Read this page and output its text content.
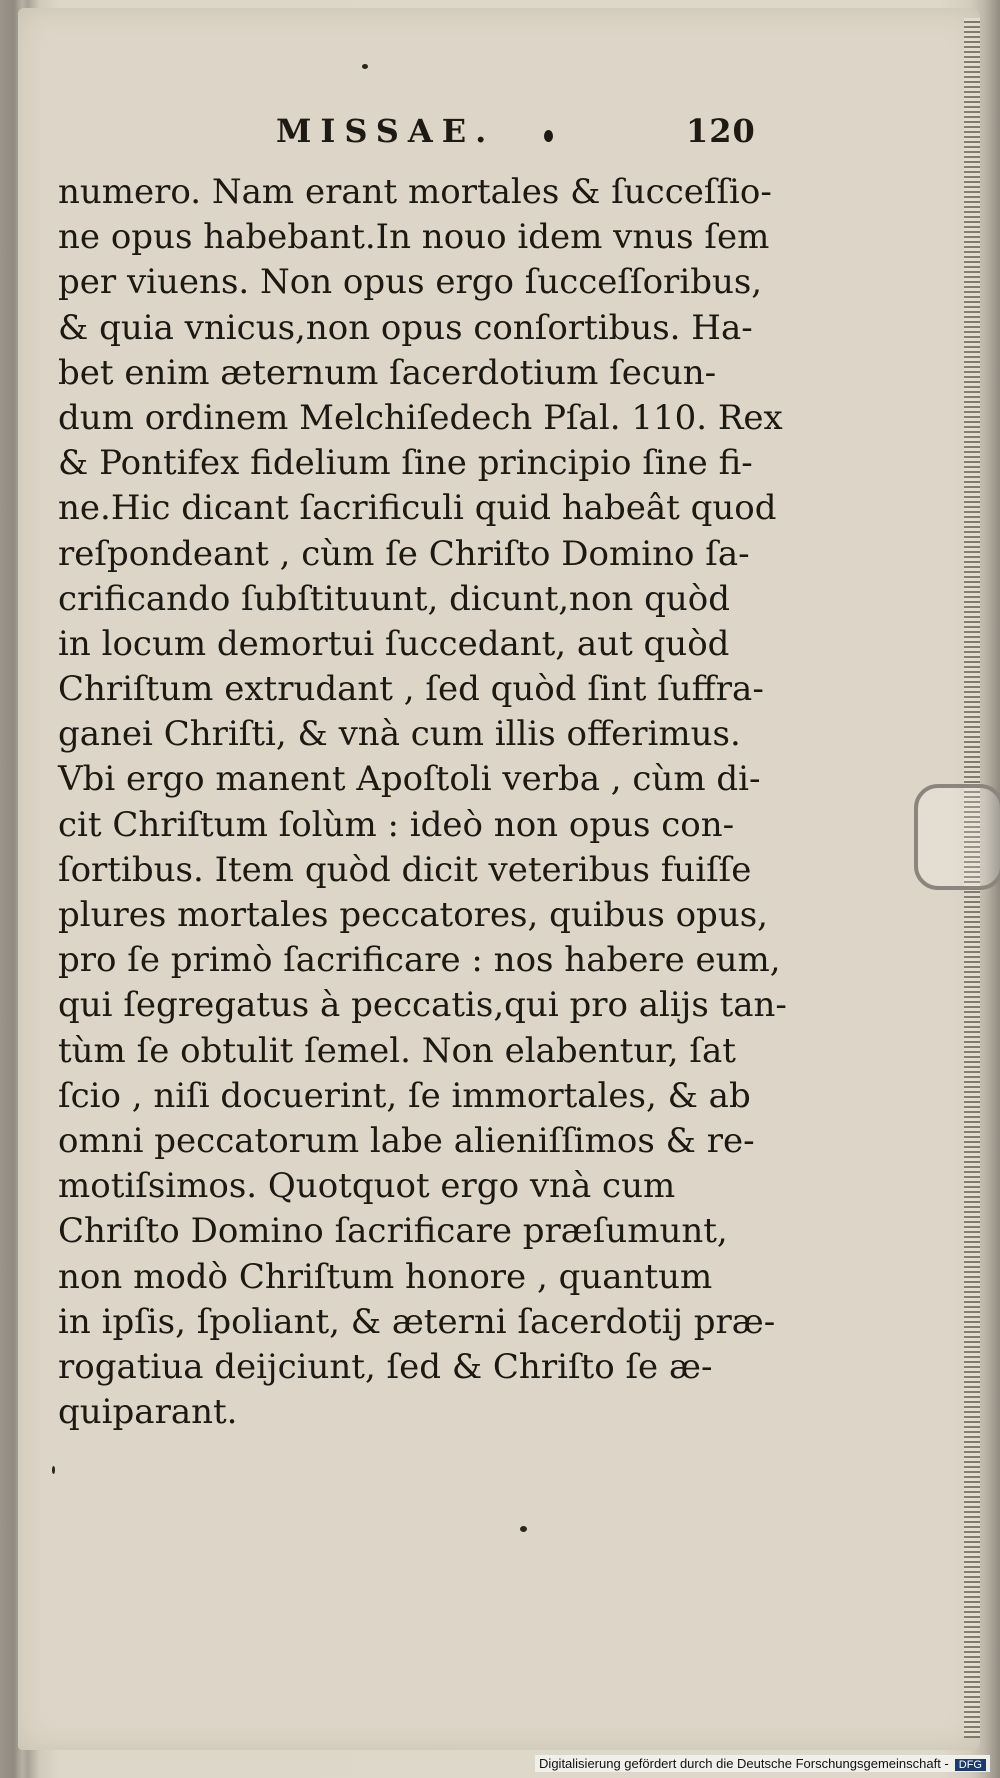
MISSAE.	120
numero. Nam erant mortales & ſucceſſio-
ne opus habebant.In nouo idem vnus ſem
per viuens. Non opus ergo ſucceſſoribus,
& quia vnicus,non opus conſortibus. Ha-
bet enim æternum ſacerdotium ſecun-
dum ordinem Melchiſedech Pſal. 110. Rex
& Pontifex fidelium ſine principio ſine fi-
ne.Hic dicant ſacrificuli quid habeât quod
reſpondeant , cùm ſe Chriſto Domino ſa-
crificando ſubſtituunt, dicunt,non quòd
in locum demortui ſuccedant, aut quòd
Chriſtum extrudant , ſed quòd ſint ſuffra-
ganei Chriſti, & vnà cum illis offerimus.
Vbi ergo manent Apoſtoli verba , cùm di-
cit Chriſtum ſolùm : ideò non opus con-
ſortibus. Item quòd dicit veteribus fuiſſe
plures mortales peccatores, quibus opus,
pro ſe primò ſacrificare : nos habere eum,
qui ſegregatus à peccatis,qui pro alijs tan-
tùm ſe obtulit ſemel. Non elabentur, ſat
ſcio , niſi docuerint, ſe immortales, & ab
omni peccatorum labe alieniſſimos & re-
motiſsimos. Quotquot ergo vnà cum
Chriſto Domino ſacrificare præſumunt,
non modò Chriſtum honore , quantum
in ipſis, ſpoliant, & æterni ſacerdotij præ-
rogatiua deijciunt, ſed & Chriſto ſe æ-
quiparant.
Digitalisierung gefördert durch die Deutsche Forschungsgemeinschaft - DFG
